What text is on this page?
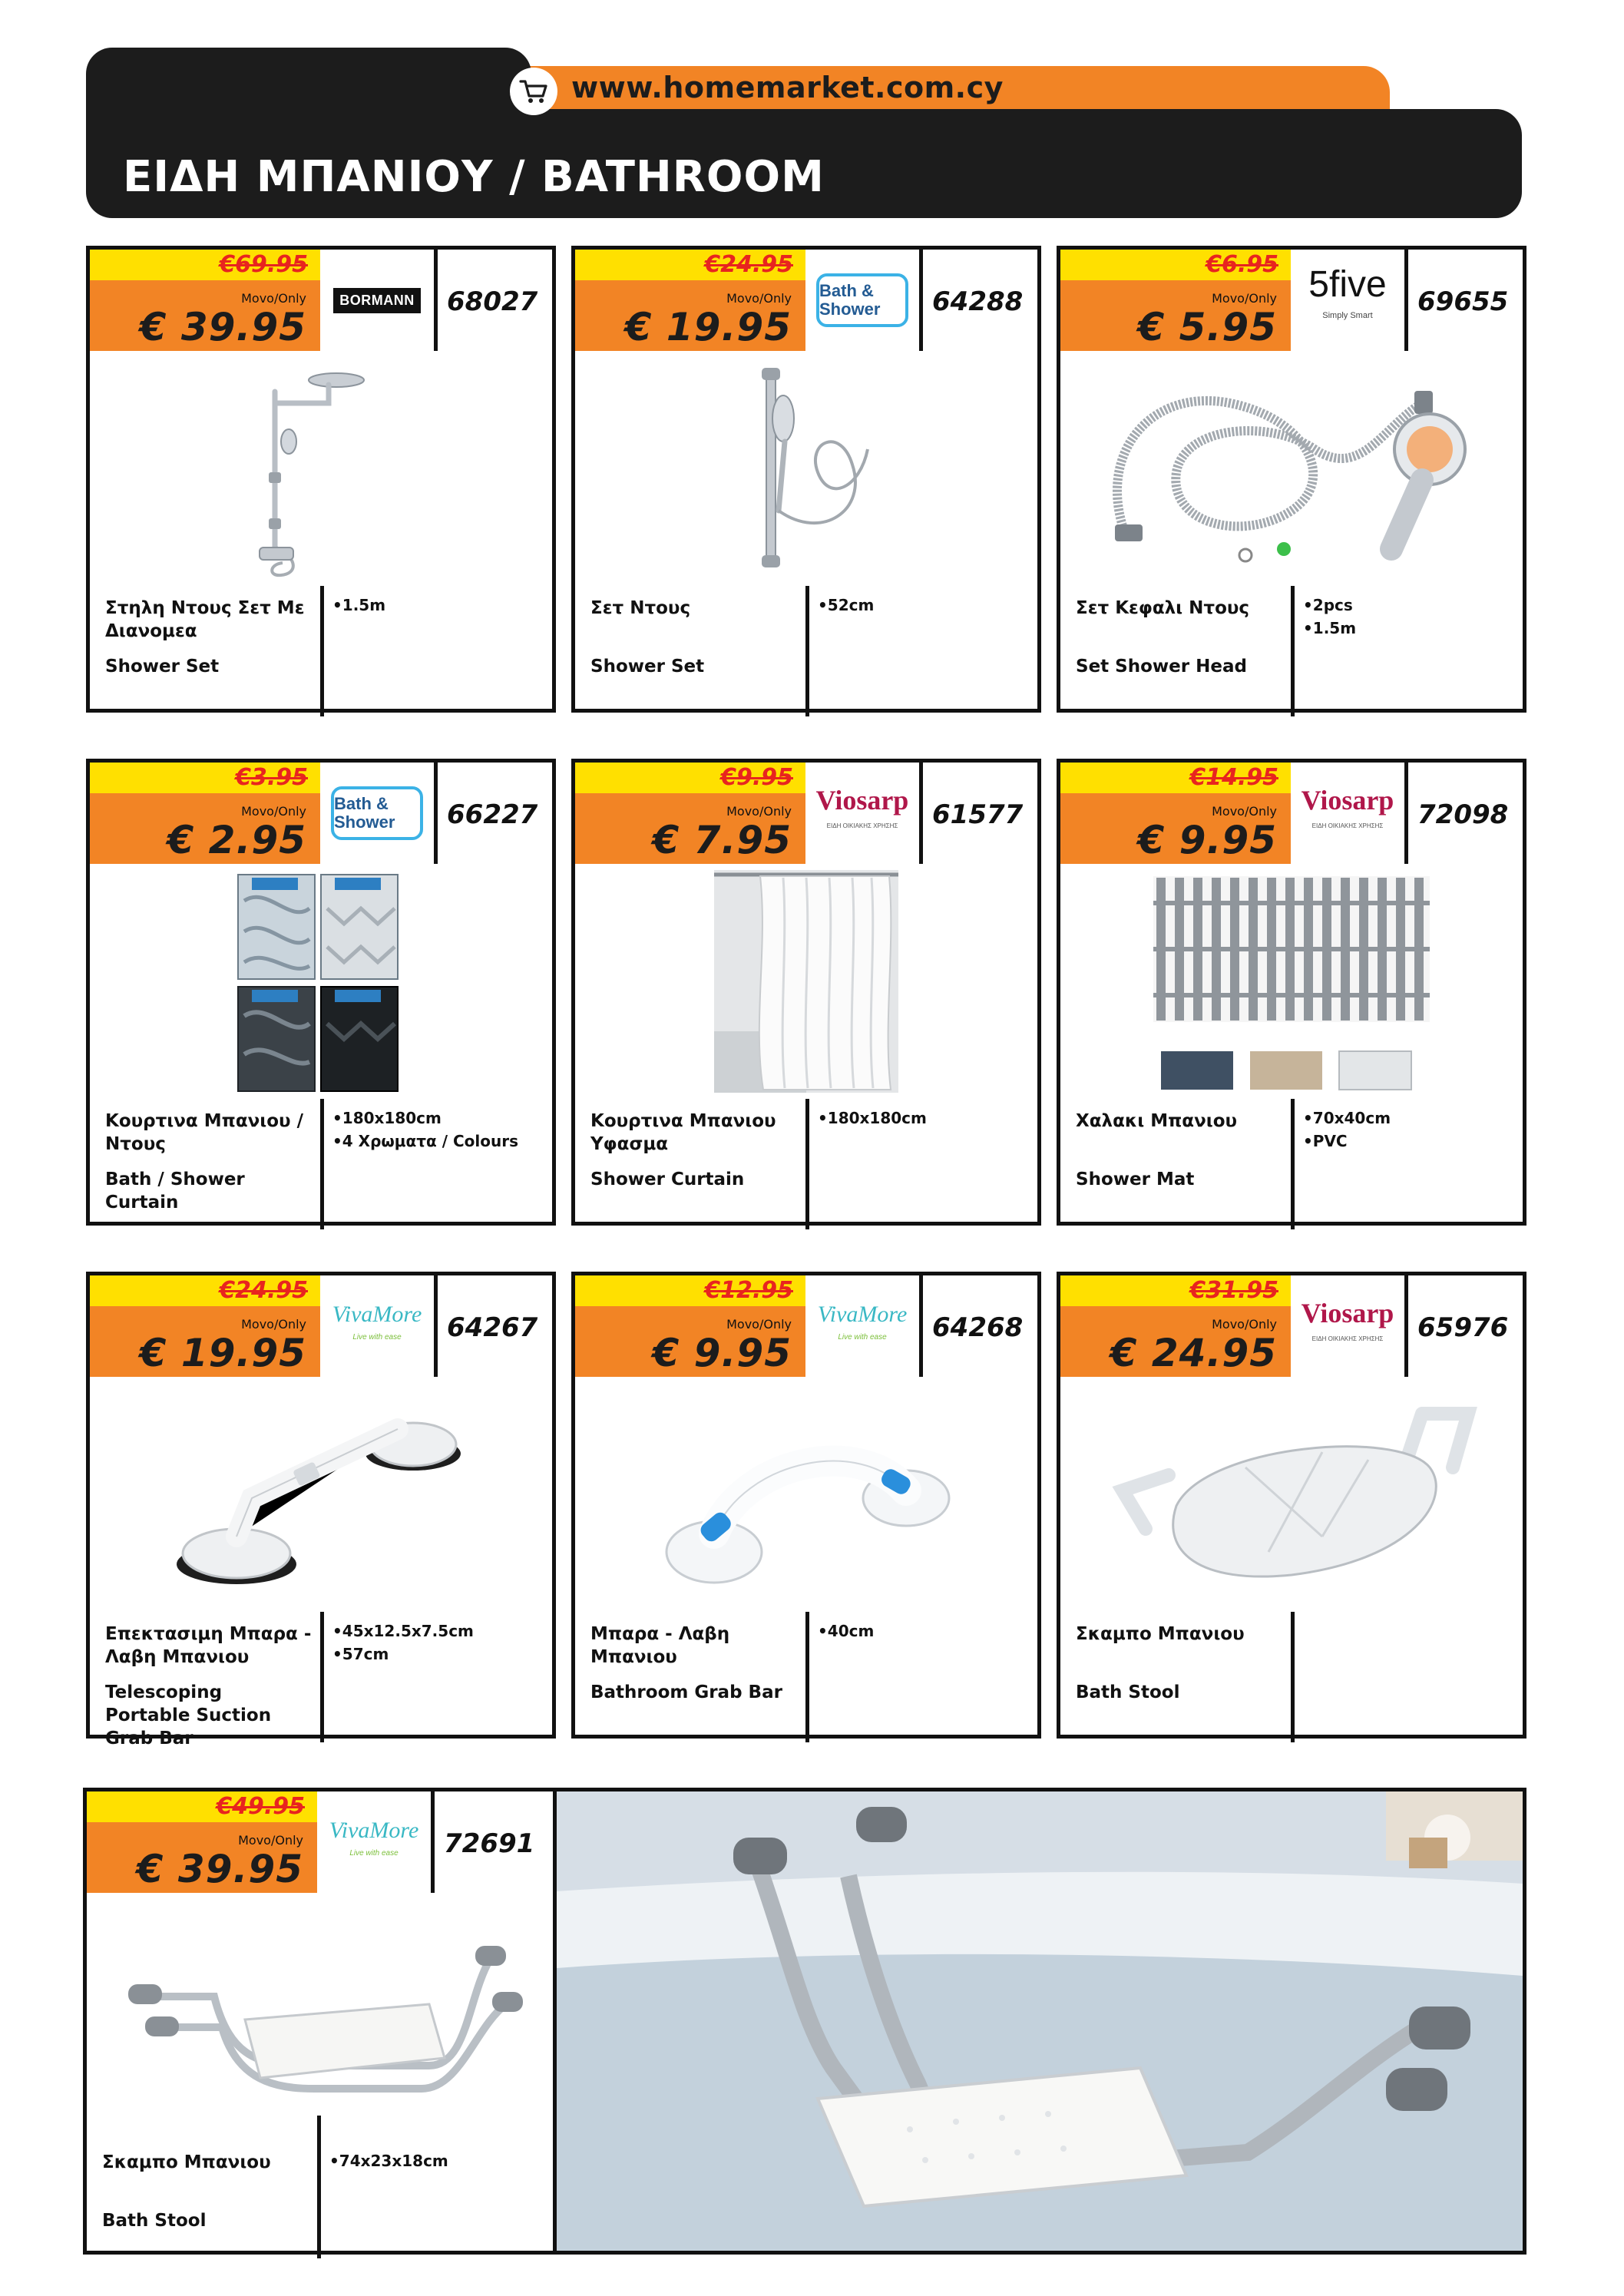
www.homemarket.com.cy
ΕΙΔΗ ΜΠΑΝΙΟΥ / BATHROOM
€69.95
Movo/Only
€ 39.95
BORMANN 68027
Στηλη Ντους Σετ Με Διανομεα
Shower Set
•1.5m
€24.95
Movo/Only
€ 19.95
Bath & Shower	64288
Σετ Ντους
Shower Set
•52cm
€6.95
Movo/Only
€ 5.95
5five
Simply Smart	69655
Σετ Κεφαλι Ντους
Set Shower Head
•2pcs
•1.5m
€3.95
Movo/Only
€ 2.95
Bath & Shower	66227
Κουρτινα Μπανιου / Ντους
Bath / Shower Curtain
•180x180cm
•4 Χρωματα / Colours
€9.95
Movo/Only
€ 7.95
Viosarp
ΕΙΔΗ ΟΙΚΙΑΚΗΣ ΧΡΗΣΗΣ	61577
Κουρτινα Μπανιου Υφασμα
Shower Curtain
•180x180cm
€14.95
Movo/Only
€ 9.95
Viosarp
ΕΙΔΗ ΟΙΚΙΑΚΗΣ ΧΡΗΣΗΣ	72098
Χαλακι Μπανιου
Shower Mat
•70x40cm
•PVC
€24.95
Movo/Only
€ 19.95
VivaMore
Live with ease	64267
Επεκτασιμη Μπαρα - Λαβη Μπανιου
Telescoping Portable Suction Grab Bar
•45x12.5x7.5cm
•57cm
€12.95
Movo/Only
€ 9.95
VivaMore
Live with ease	64268
Μπαρα - Λαβη Μπανιου
Bathroom Grab Bar
•40cm
€31.95
Movo/Only
€ 24.95
Viosarp
ΕΙΔΗ ΟΙΚΙΑΚΗΣ ΧΡΗΣΗΣ	65976
Σκαμπο Μπανιου
Bath Stool
€49.95
Movo/Only
€ 39.95
VivaMore
Live with ease	72691
Σκαμπο Μπανιου
Bath Stool
•74x23x18cm
